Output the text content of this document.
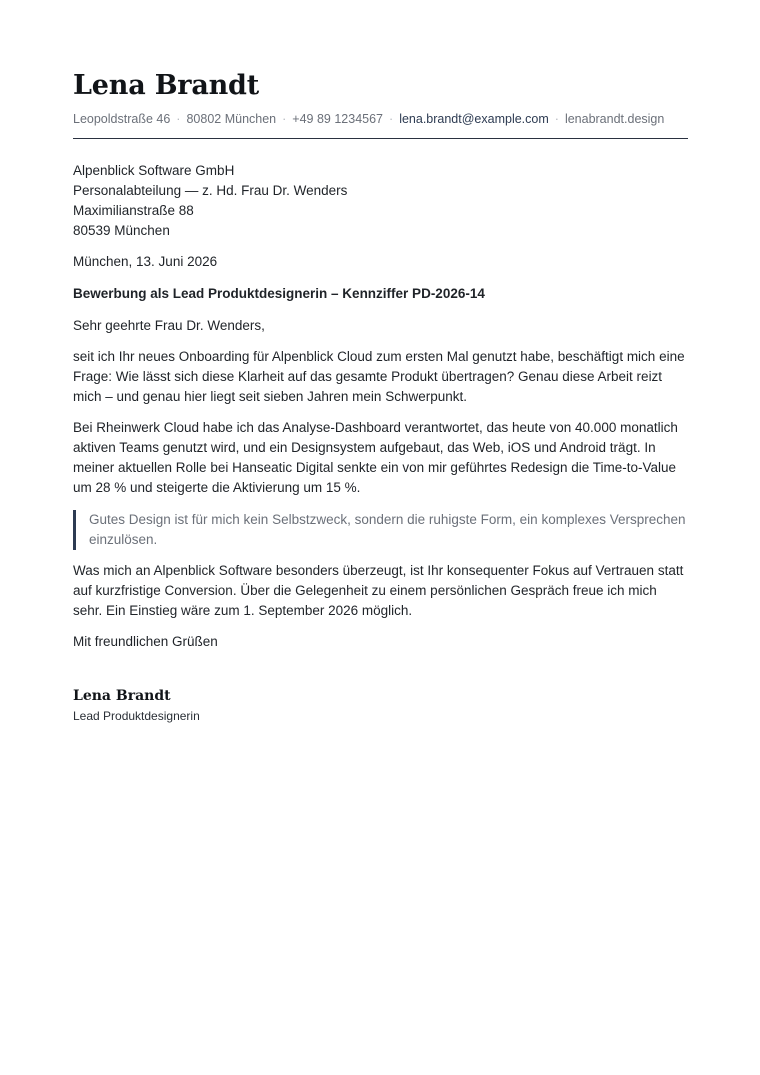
Lena Brandt
Leopoldstraße 46 · 80802 München · +49 89 1234567 · lena.brandt@example.com · lenabrandt.design
Alpenblick Software GmbH
Personalabteilung — z. Hd. Frau Dr. Wenders
Maximilianstraße 88
80539 München
München, 13. Juni 2026
Bewerbung als Lead Produktdesignerin – Kennziffer PD-2026-14
Sehr geehrte Frau Dr. Wenders,

seit ich Ihr neues Onboarding für Alpenblick Cloud zum ersten Mal genutzt habe, beschäftigt mich eine Frage: Wie lässt sich diese Klarheit auf das gesamte Produkt übertragen? Genau diese Arbeit reizt mich – und genau hier liegt seit sieben Jahren mein Schwerpunkt.

Bei Rheinwerk Cloud habe ich das Analyse-Dashboard verantwortet, das heute von 40.000 monatlich aktiven Teams genutzt wird, und ein Designsystem aufgebaut, das Web, iOS und Android trägt. In meiner aktuellen Rolle bei Hanseatic Digital senkte ein von mir geführtes Redesign die Time-to-Value um 28 % und steigerte die Aktivierung um 15 %.

Gutes Design ist für mich kein Selbstzweck, sondern die ruhigste Form, ein komplexes Versprechen einzulösen.

Was mich an Alpenblick Software besonders überzeugt, ist Ihr konsequenter Fokus auf Vertrauen statt auf kurzfristige Conversion. Über die Gelegenheit zu einem persönlichen Gespräch freue ich mich sehr. Ein Einstieg wäre zum 1. September 2026 möglich.

Mit freundlichen Grüßen
Lena Brandt
Lead Produktdesignerin
